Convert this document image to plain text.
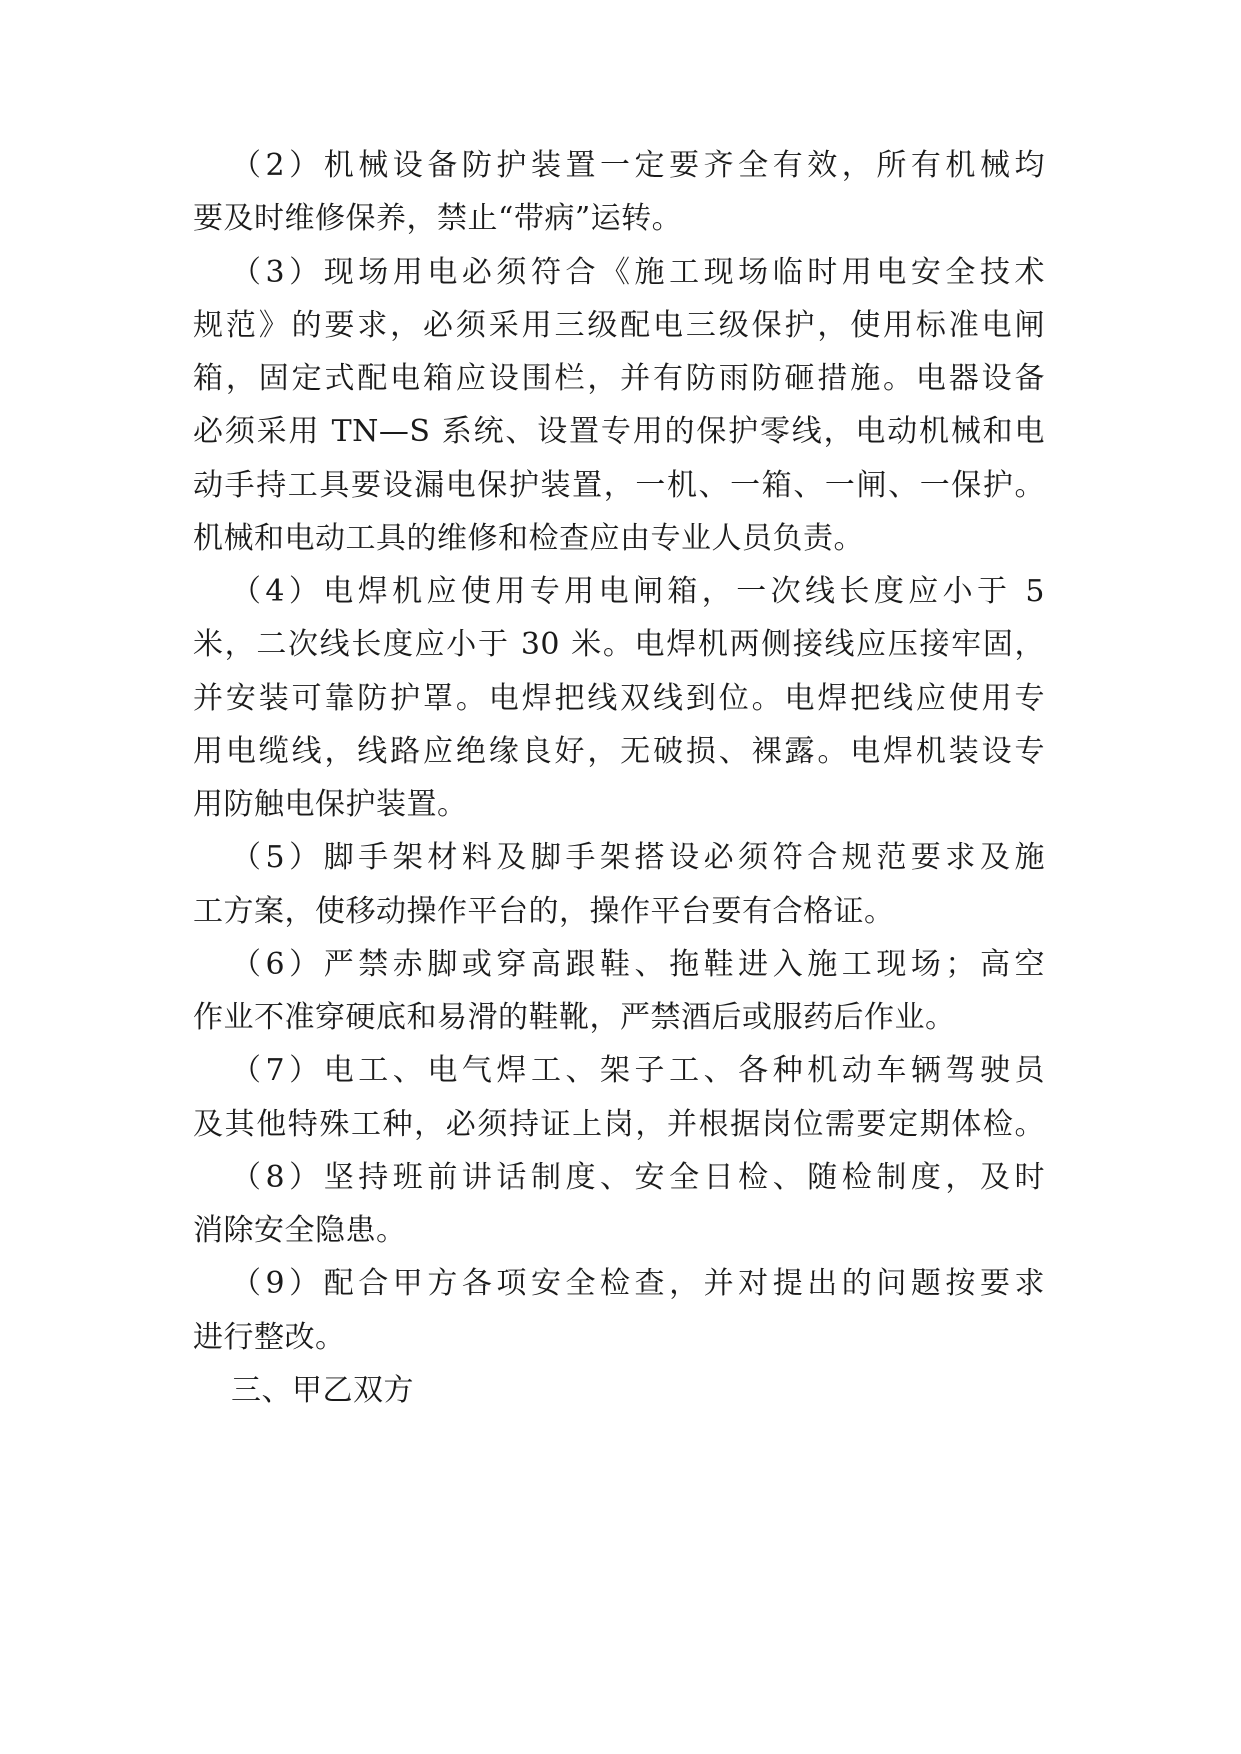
（2）机械设备防护装置一定要齐全有效，所有机械均
要及时维修保养，禁止“带病”运转。
（3）现场用电必须符合《施工现场临时用电安全技术
规范》的要求，必须采用三级配电三级保护，使用标准电闸
箱，固定式配电箱应设围栏，并有防雨防砸措施。电器设备
必须采用 TN—S 系统、设置专用的保护零线，电动机械和电
动手持工具要设漏电保护装置，一机、一箱、一闸、一保护。
机械和电动工具的维修和检查应由专业人员负责。
（4）电焊机应使用专用电闸箱，一次线长度应小于 5
米，二次线长度应小于 30 米。电焊机两侧接线应压接牢固，
并安装可靠防护罩。电焊把线双线到位。电焊把线应使用专
用电缆线，线路应绝缘良好，无破损、裸露。电焊机装设专
用防触电保护装置。
（5）脚手架材料及脚手架搭设必须符合规范要求及施
工方案，使移动操作平台的，操作平台要有合格证。
（6）严禁赤脚或穿高跟鞋、拖鞋进入施工现场；高空
作业不准穿硬底和易滑的鞋靴，严禁酒后或服药后作业。
（7）电工、电气焊工、架子工、各种机动车辆驾驶员
及其他特殊工种，必须持证上岗，并根据岗位需要定期体检。
（8）坚持班前讲话制度、安全日检、随检制度，及时
消除安全隐患。
（9）配合甲方各项安全检查，并对提出的问题按要求
进行整改。
三、甲乙双方
